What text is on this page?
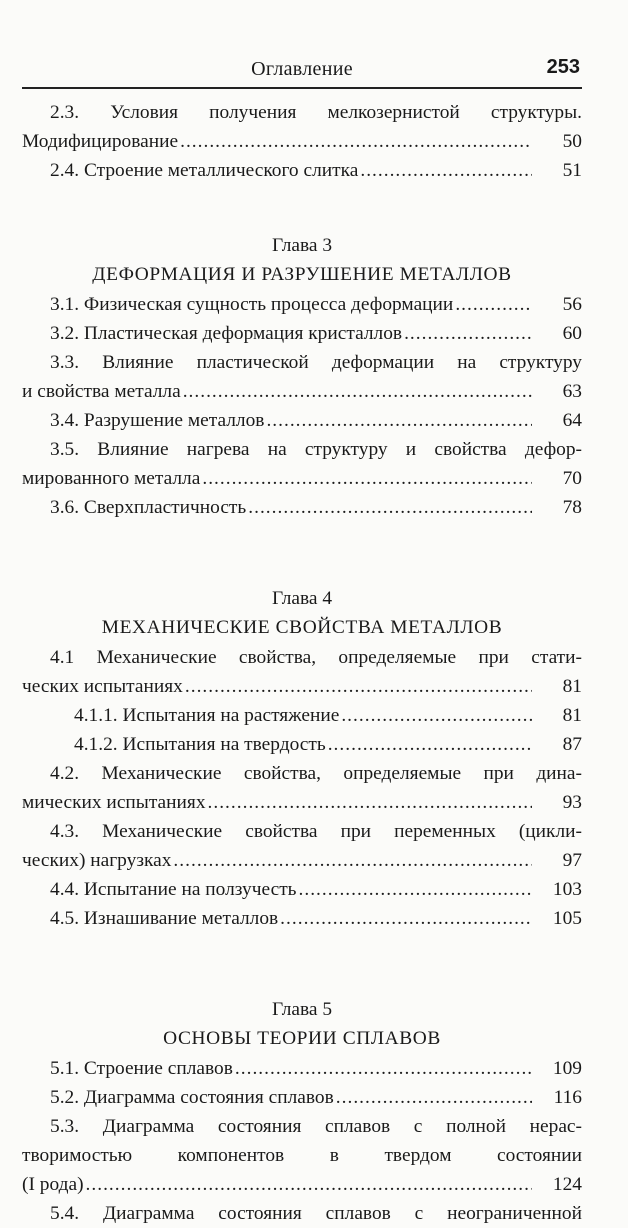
Оглавление	253
2.3. Условия получения мелкозернистой структуры.
Модифицирование .....	50
2.4. Строение металлического слитка .....	51
Глава 3
ДЕФОРМАЦИЯ И РАЗРУШЕНИЕ МЕТАЛЛОВ
3.1. Физическая сущность процесса деформации .....	56
3.2. Пластическая деформация кристаллов .....	60
3.3. Влияние пластической деформации на структуру
и свойства металла .....	63
3.4. Разрушение металлов .....	64
3.5. Влияние нагрева на структуру и свойства дефор-
мированного металла .....	70
3.6. Сверхпластичность .....	78
Глава 4
МЕХАНИЧЕСКИЕ СВОЙСТВА МЕТАЛЛОВ
4.1 Механические свойства, определяемые при стати-
ческих испытаниях .....	81
4.1.1. Испытания на растяжение .....	81
4.1.2. Испытания на твердость .....	87
4.2. Механические свойства, определяемые при дина-
мических испытаниях .....	93
4.3. Механические свойства при переменных (цикли-
ческих) нагрузках .....	97
4.4. Испытание на ползучесть .....	103
4.5. Изнашивание металлов .....	105
Глава 5
ОСНОВЫ ТЕОРИИ СПЛАВОВ
5.1. Строение сплавов .....	109
5.2. Диаграмма состояния сплавов .....	116
5.3. Диаграмма состояния сплавов с полной нерас-
творимостью компонентов в твердом состоянии
(I рода) .....	124
5.4. Диаграмма состояния сплавов с неограниченной
